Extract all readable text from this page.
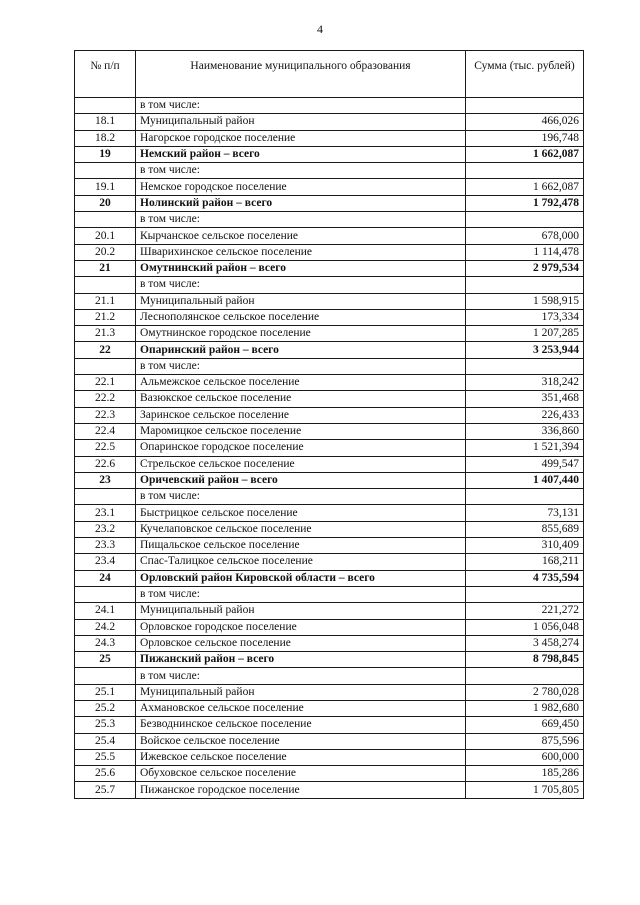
4
№ п/п	Наименование муниципального образования	Сумма (тыс. рублей)
	в том числе:	
18.1	Муниципальный район	466,026
18.2	Нагорское городское поселение	196,748
19	Немский район – всего	1 662,087
	в том числе:	
19.1	Немское городское поселение	1 662,087
20	Нолинский район – всего	1 792,478
	в том числе:	
20.1	Кырчанское сельское поселение	678,000
20.2	Шварихинское сельское поселение	1 114,478
21	Омутнинский район – всего	2 979,534
	в том числе:	
21.1	Муниципальный район	1 598,915
21.2	Леснополянское сельское поселение	173,334
21.3	Омутнинское городское поселение	1 207,285
22	Опаринский район – всего	3 253,944
	в том числе:	
22.1	Альмежское сельское поселение	318,242
22.2	Вазюкское сельское поселение	351,468
22.3	Заринское сельское поселение	226,433
22.4	Маромицкое сельское поселение	336,860
22.5	Опаринское городское поселение	1 521,394
22.6	Стрельское сельское поселение	499,547
23	Оричевский район – всего	1 407,440
	в том числе:	
23.1	Быстрицкое сельское поселение	73,131
23.2	Кучелаповское сельское поселение	855,689
23.3	Пищальское сельское поселение	310,409
23.4	Спас-Талицкое сельское поселение	168,211
24	Орловский район Кировской области – всего	4 735,594
	в том числе:	
24.1	Муниципальный район	221,272
24.2	Орловское городское поселение	1 056,048
24.3	Орловское сельское поселение	3 458,274
25	Пижанский район – всего	8 798,845
	в том числе:	
25.1	Муниципальный район	2 780,028
25.2	Ахмановское сельское поселение	1 982,680
25.3	Безводнинское сельское поселение	669,450
25.4	Войское сельское поселение	875,596
25.5	Ижевское сельское поселение	600,000
25.6	Обуховское сельское поселение	185,286
25.7	Пижанское городское поселение	1 705,805
